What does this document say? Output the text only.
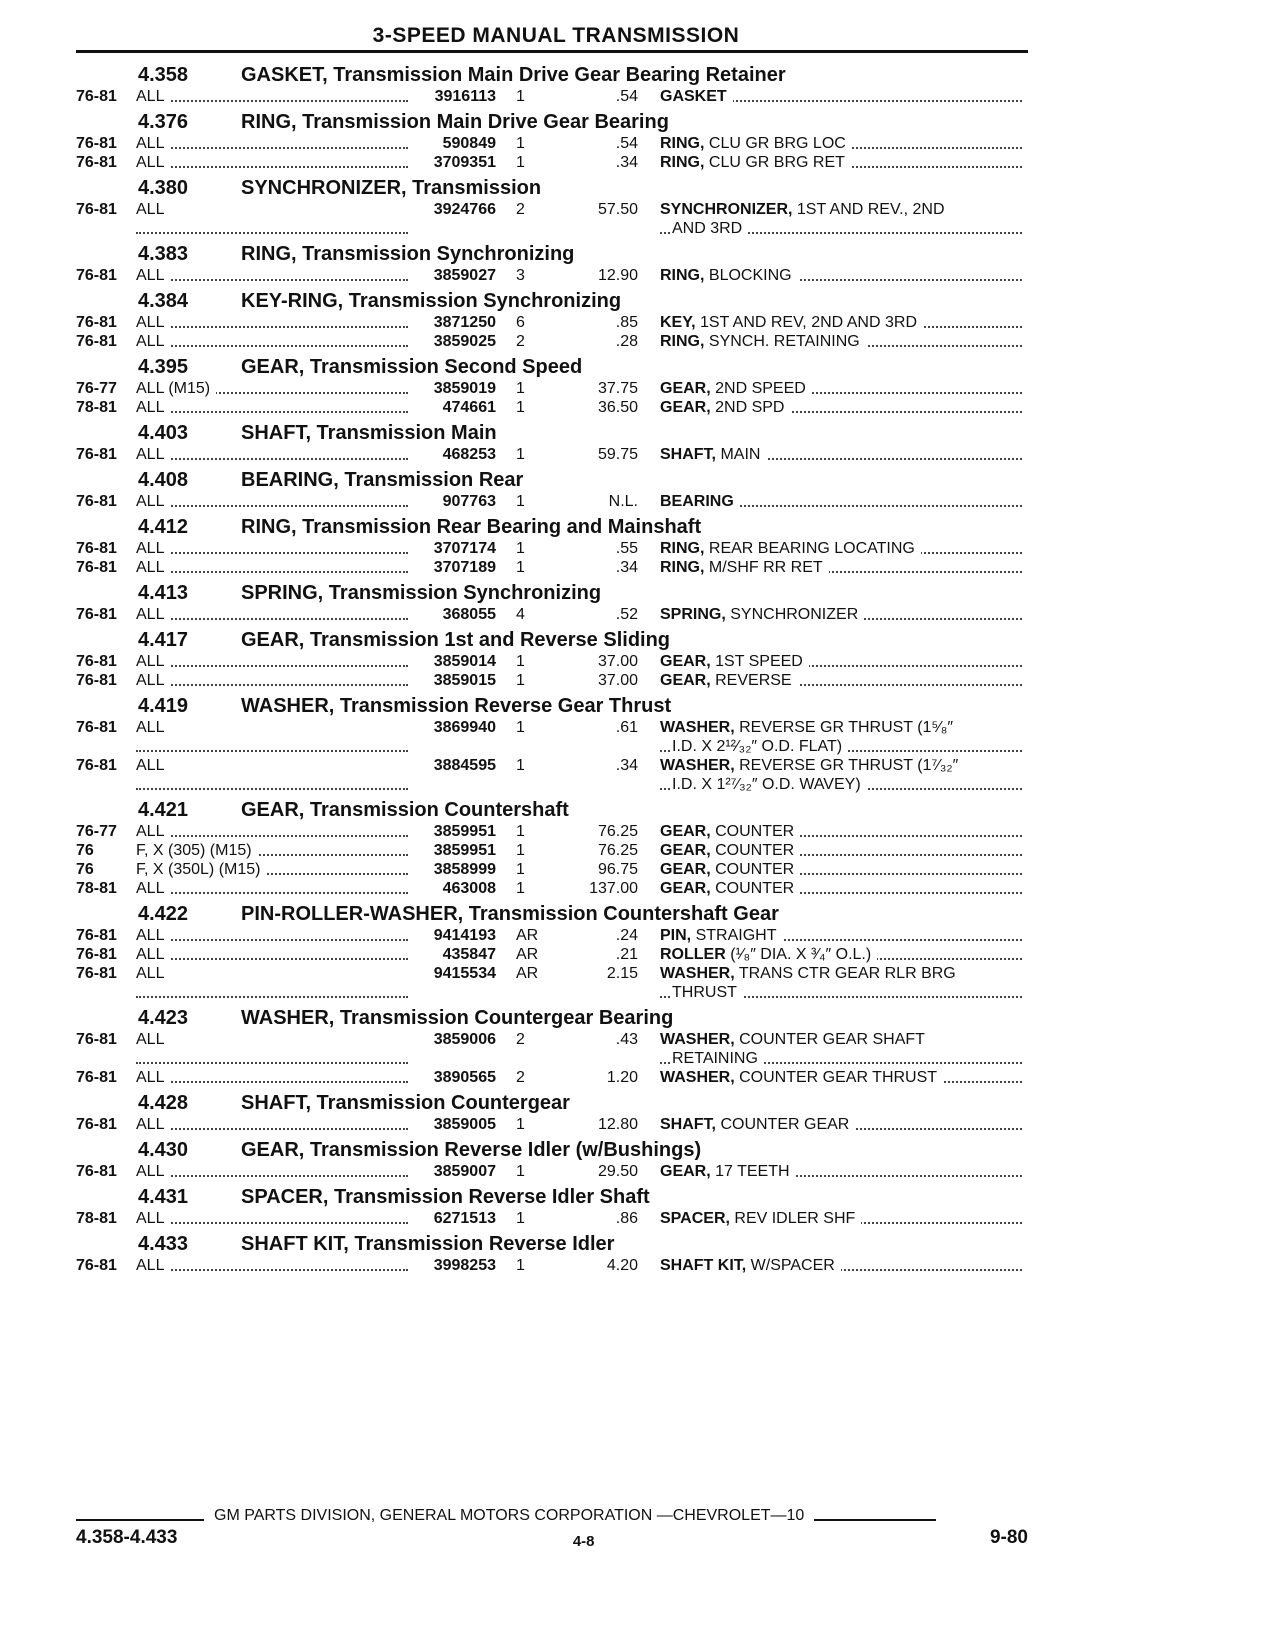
3-SPEED MANUAL TRANSMISSION
4.358	GASKET, Transmission Main Drive Gear Bearing Retainer
76-81	ALL	3916113	1	.54	GASKET
4.376	RING, Transmission Main Drive Gear Bearing
76-81	ALL	590849	1	.54	RING, CLU GR BRG LOC
76-81	ALL	3709351	1	.34	RING, CLU GR BRG RET
4.380	SYNCHRONIZER, Transmission
76-81	ALL	3924766	2	57.50	SYNCHRONIZER, 1ST AND REV., 2ND
AND 3RD
4.383	RING, Transmission Synchronizing
76-81	ALL	3859027	3	12.90	RING, BLOCKING
4.384	KEY-RING, Transmission Synchronizing
76-81	ALL	3871250	6	.85	KEY, 1ST AND REV, 2ND AND 3RD
76-81	ALL	3859025	2	.28	RING, SYNCH. RETAINING
4.395	GEAR, Transmission Second Speed
76-77	ALL (M15)	3859019	1	37.75	GEAR, 2ND SPEED
78-81	ALL	474661	1	36.50	GEAR, 2ND SPD
4.403	SHAFT, Transmission Main
76-81	ALL	468253	1	59.75	SHAFT, MAIN
4.408	BEARING, Transmission Rear
76-81	ALL	907763	1	N.L.	BEARING
4.412	RING, Transmission Rear Bearing and Mainshaft
76-81	ALL	3707174	1	.55	RING, REAR BEARING LOCATING
76-81	ALL	3707189	1	.34	RING, M/SHF RR RET
4.413	SPRING, Transmission Synchronizing
76-81	ALL	368055	4	.52	SPRING, SYNCHRONIZER
4.417	GEAR, Transmission 1st and Reverse Sliding
76-81	ALL	3859014	1	37.00	GEAR, 1ST SPEED
76-81	ALL	3859015	1	37.00	GEAR, REVERSE
4.419	WASHER, Transmission Reverse Gear Thrust
76-81	ALL	3869940	1	.61	WASHER, REVERSE GR THRUST (1⁵⁄₈″
I.D. X 2¹²⁄₃₂″ O.D. FLAT)
76-81	ALL	3884595	1	.34	WASHER, REVERSE GR THRUST (1⁷⁄₃₂″
I.D. X 1²⁷⁄₃₂″ O.D. WAVEY)
4.421	GEAR, Transmission Countershaft
76-77	ALL	3859951	1	76.25	GEAR, COUNTER
76	F, X (305) (M15)	3859951	1	76.25	GEAR, COUNTER
76	F, X (350L) (M15)	3858999	1	96.75	GEAR, COUNTER
78-81	ALL	463008	1	137.00	GEAR, COUNTER
4.422	PIN-ROLLER-WASHER, Transmission Countershaft Gear
76-81	ALL	9414193	AR	.24	PIN, STRAIGHT
76-81	ALL	435847	AR	.21	ROLLER (¹⁄₈″ DIA. X ³⁄₄″ O.L.)
76-81	ALL	9415534	AR	2.15	WASHER, TRANS CTR GEAR RLR BRG
THRUST
4.423	WASHER, Transmission Countergear Bearing
76-81	ALL	3859006	2	.43	WASHER, COUNTER GEAR SHAFT
RETAINING
76-81	ALL	3890565	2	1.20	WASHER, COUNTER GEAR THRUST
4.428	SHAFT, Transmission Countergear
76-81	ALL	3859005	1	12.80	SHAFT, COUNTER GEAR
4.430	GEAR, Transmission Reverse Idler (w/Bushings)
76-81	ALL	3859007	1	29.50	GEAR, 17 TEETH
4.431	SPACER, Transmission Reverse Idler Shaft
78-81	ALL	6271513	1	.86	SPACER, REV IDLER SHF
4.433	SHAFT KIT, Transmission Reverse Idler
76-81	ALL	3998253	1	4.20	SHAFT KIT, W/SPACER
GM PARTS DIVISION, GENERAL MOTORS CORPORATION —CHEVROLET—10
4.358-4.433	4-8	9-80
